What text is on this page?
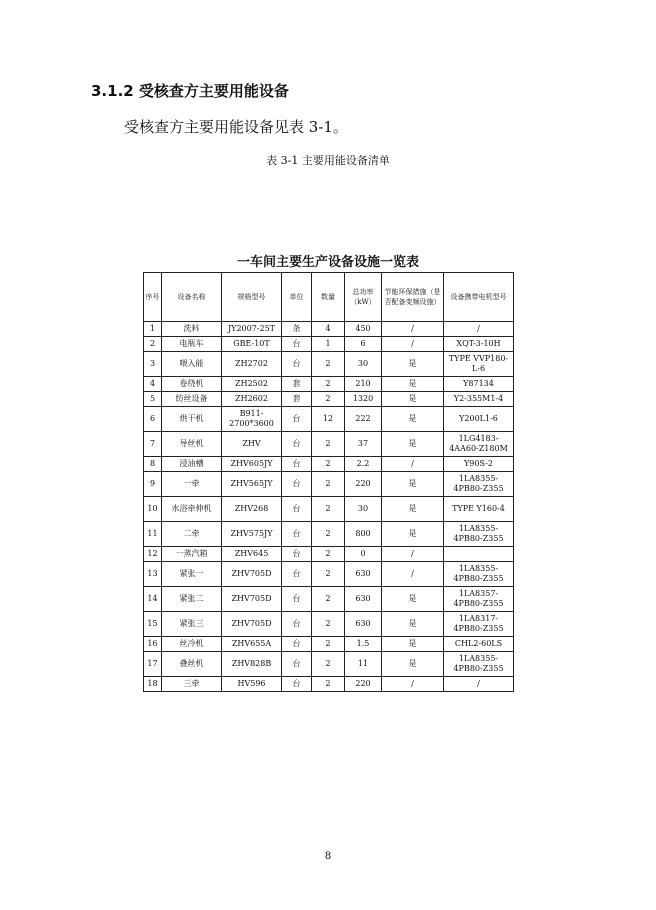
3.1.2 受核查方主要用能设备
受核查方主要用能设备见表 3-1。
表 3-1 主要用能设备清单
一车间主要生产设备设施一览表
序号	设备名称	规格型号	单位	数量	总功率（kW）	节能环保措施（是否配备变频设施）	设备携带电机型号
1	洗料	JY2007-25T	条	4	450	/	/
2	电瓶车	GBE-10T	台	1	6	/	XQT-3-10H
3	喂入能	ZH2702	台	2	30	是	TYPE VVP180-L-6
4	卷绕机	ZH2502	套	2	210	是	Y87134
5	纺丝设备	ZH2602	套	2	1320	是	Y2-355M1-4
6	烘干机	B911-2700*3600	台	12	222	是	Y200L1-6
7	导丝机	ZHV	台	2	37	是	1LG4183-4AA60-Z180M
8	浸油槽	ZHV605JY	台	2	2.2	/	Y90S-2
9	一牵	ZHV565JY	台	2	220	是	1LA8355-4PB80-Z355
10	水浴牵伸机	ZHV268	台	2	30	是	TYPE Y160-4
11	二牵	ZHV575JY	台	2	800	是	1LA8355-4PB80-Z355
12	一蒸汽箱	ZHV645	台	2	0	/	
13	紧张一	ZHV705D	台	2	630	/	1LA8355-4PB80-Z355
14	紧张二	ZHV705D	台	2	630	是	1LA8357-4PB80-Z355
15	紧张三	ZHV705D	台	2	630	是	1LA8317-4PB80-Z355
16	丝冷机	ZHV655A	台	2	1.5	是	CHL2-60LS
17	叠丝机	ZHV828B	台	2	11	是	1LA8355-4PB80-Z355
18	三牵	HV596	台	2	220	/	/
8
